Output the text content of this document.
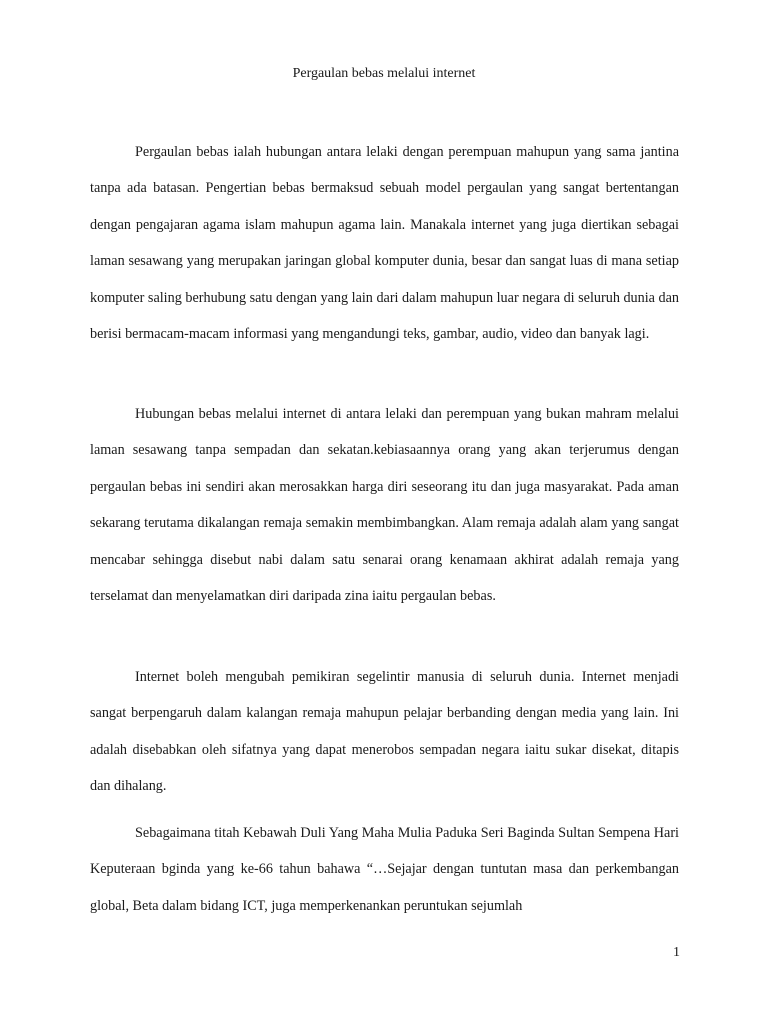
Pergaulan bebas melalui internet

Pergaulan bebas ialah hubungan antara lelaki dengan perempuan mahupun yang sama jantina tanpa ada batasan. Pengertian bebas bermaksud sebuah model pergaulan yang sangat bertentangan dengan pengajaran agama islam mahupun agama lain. Manakala internet yang juga diertikan sebagai laman sesawang yang merupakan jaringan global komputer dunia, besar dan sangat luas di mana setiap komputer saling berhubung satu dengan yang lain dari dalam mahupun luar negara di seluruh dunia dan berisi bermacam-macam informasi yang mengandungi teks, gambar, audio, video dan banyak lagi.

Hubungan bebas melalui internet di antara lelaki dan perempuan yang bukan mahram melalui laman sesawang tanpa sempadan dan sekatan.kebiasaannya orang yang akan terjerumus dengan pergaulan bebas ini sendiri akan merosakkan harga diri seseorang itu dan juga masyarakat. Pada aman sekarang terutama dikalangan remaja semakin membimbangkan. Alam remaja adalah alam yang sangat mencabar sehingga disebut nabi dalam satu senarai orang kenamaan akhirat adalah remaja yang terselamat dan menyelamatkan diri daripada zina iaitu pergaulan bebas.

Internet boleh mengubah pemikiran segelintir manusia di seluruh dunia. Internet menjadi sangat berpengaruh dalam kalangan remaja mahupun pelajar berbanding dengan media yang lain. Ini adalah disebabkan oleh sifatnya yang dapat menerobos sempadan negara iaitu sukar disekat, ditapis dan dihalang.

Sebagaimana titah Kebawah Duli Yang Maha Mulia Paduka Seri Baginda Sultan Sempena Hari Keputeraan bginda yang ke-66 tahun bahawa “…Sejajar dengan tuntutan masa dan perkembangan global, Beta dalam bidang ICT, juga memperkenankan peruntukan sejumlah

1
